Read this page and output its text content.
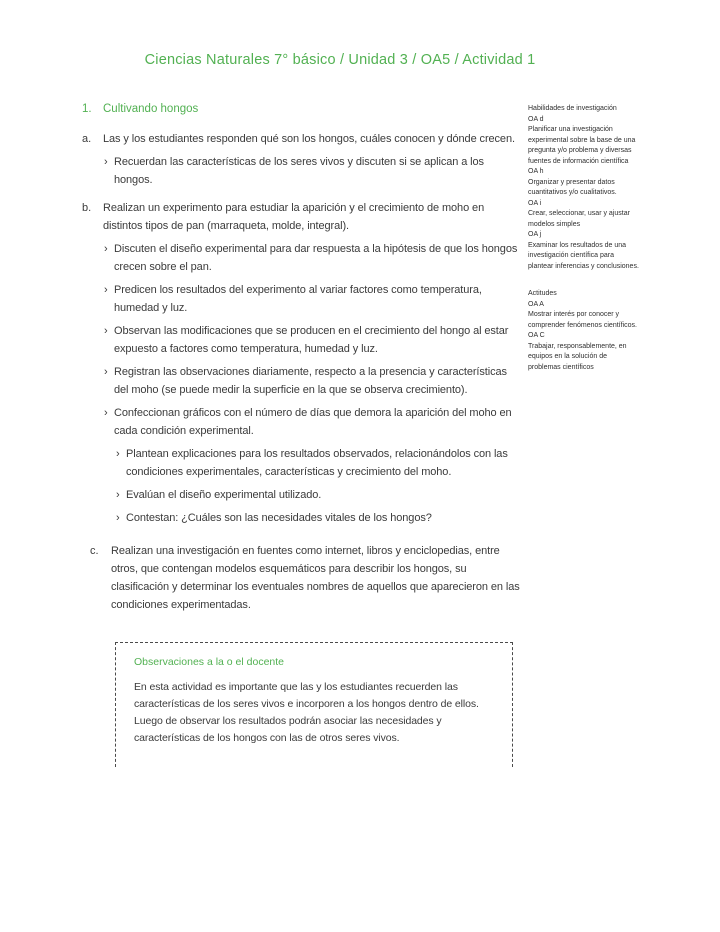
Ciencias Naturales 7° básico / Unidad 3 / OA5 / Actividad 1
1. Cultivando hongos
a.	Las y los estudiantes responden qué son los hongos, cuáles conocen y dónde crecen.
› Recuerdan las características de los seres vivos y discuten si se aplican a los hongos.
b.	Realizan un experimento para estudiar la aparición y el crecimiento de moho en distintos tipos de pan (marraqueta, molde, integral).
› Discuten el diseño experimental para dar respuesta a la hipótesis de que los hongos crecen sobre el pan.
› Predicen los resultados del experimento al variar factores como temperatura, humedad y luz.
› Observan las modificaciones que se producen en el crecimiento del hongo al estar expuesto a factores como temperatura, humedad y luz.
› Registran las observaciones diariamente, respecto a la presencia y características del moho (se puede medir la superficie en la que se observa crecimiento).
› Confeccionan gráficos con el número de días que demora la aparición del moho en cada condición experimental.
› Plantean explicaciones para los resultados observados, relacionándolos con las condiciones experimentales, características y crecimiento del moho.
› Evalúan el diseño experimental utilizado.
› Contestan: ¿Cuáles son las necesidades vitales de los hongos?
c.	Realizan una investigación en fuentes como internet, libros y enciclopedias, entre otros, que contengan modelos esquemáticos para describir los hongos, su clasificación y determinar los eventuales nombres de aquellos que aparecieron en las condiciones experimentadas.
Observaciones a la o el docente
En esta actividad es importante que las y los estudiantes recuerden las características de los seres vivos e incorporen a los hongos dentro de ellos. Luego de observar los resultados podrán asociar las necesidades y características de los hongos con las de otros seres vivos.
Habilidades de investigación
OA d
Planificar una investigación experimental sobre la base de una pregunta y/o problema y diversas fuentes de información científica
OA h
Organizar y presentar datos cuantitativos y/o cualitativos.
OA i
Crear, seleccionar, usar y ajustar modelos simples
OA j
Examinar los resultados de una investigación científica para plantear inferencias y conclusiones.
Actitudes
OA A
Mostrar interés por conocer y comprender fenómenos científicos.
OA C
Trabajar, responsablemente, en equipos en la solución de problemas científicos
